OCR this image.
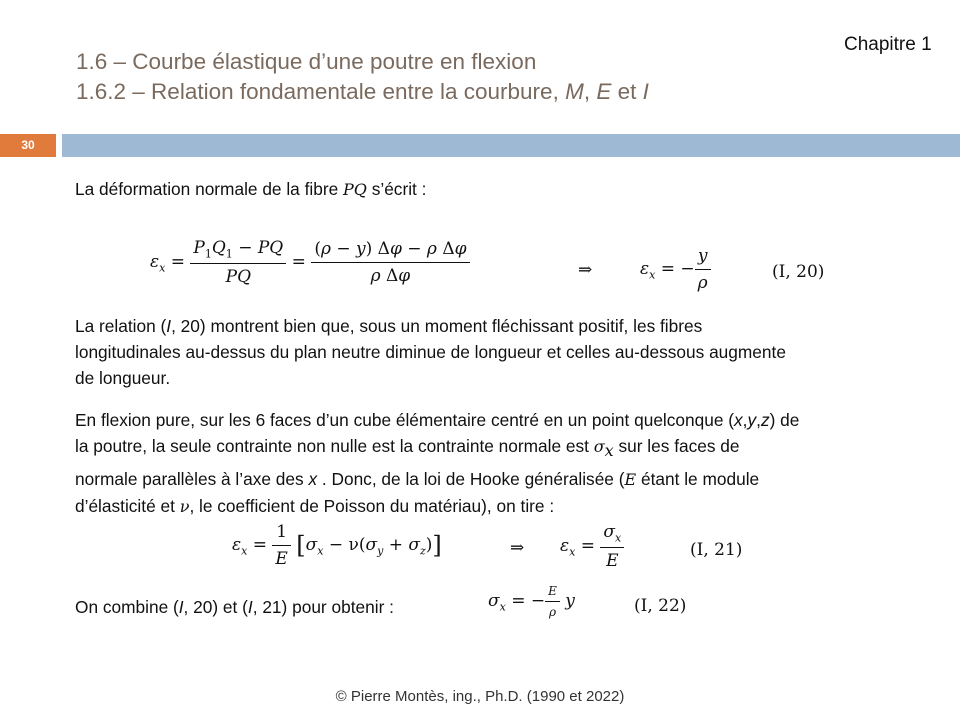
Chapitre 1
1.6 – Courbe élastique d’une poutre en flexion
1.6.2 – Relation fondamentale entre la courbure, M, E et I
30
La déformation normale de la fibre PQ s’écrit :
$\varepsilon_x = \frac{P_1Q_1 - PQ}{PQ} = \frac{\text{(ρ − y) Δφ − ρ Δφ}}{\text{ρ Δφ}}$	⇒	$\varepsilon_x$ = − $\frac{y}{\rho}$	(I, 20)
La relation (I, 20) montrent bien que, sous un moment fléchissant positif, les fibres
longitudinales au-dessus du plan neutre diminue de longueur et celles au-dessous augmente
de longueur.
En flexion pure, sur les 6 faces d’un cube élémentaire centré en un point quelconque (x,y,z) de
la poutre, la seule contrainte non nulle est la contrainte normale est $\sigma_x$ sur les faces de
normale parallèles à l’axe des x . Donc, de la loi de Hooke généralisée (E étant le module
d’élasticité et ν, le coefficient de Poisson du matériau), on tire :
$\varepsilon_x = \frac{1}{E} [\sigma_x - \nu(\sigma_y + \sigma_z)]$	⇒ $\varepsilon_x = \frac{\sigma_x}{E}$	(I, 21)
On combine (I, 20) et (I, 21) pour obtenir :	$\sigma_x$ = − $\frac{E}{\rho}$ y	(I, 22)
© Pierre Montès, ing., Ph.D. (1990 et 2022)
